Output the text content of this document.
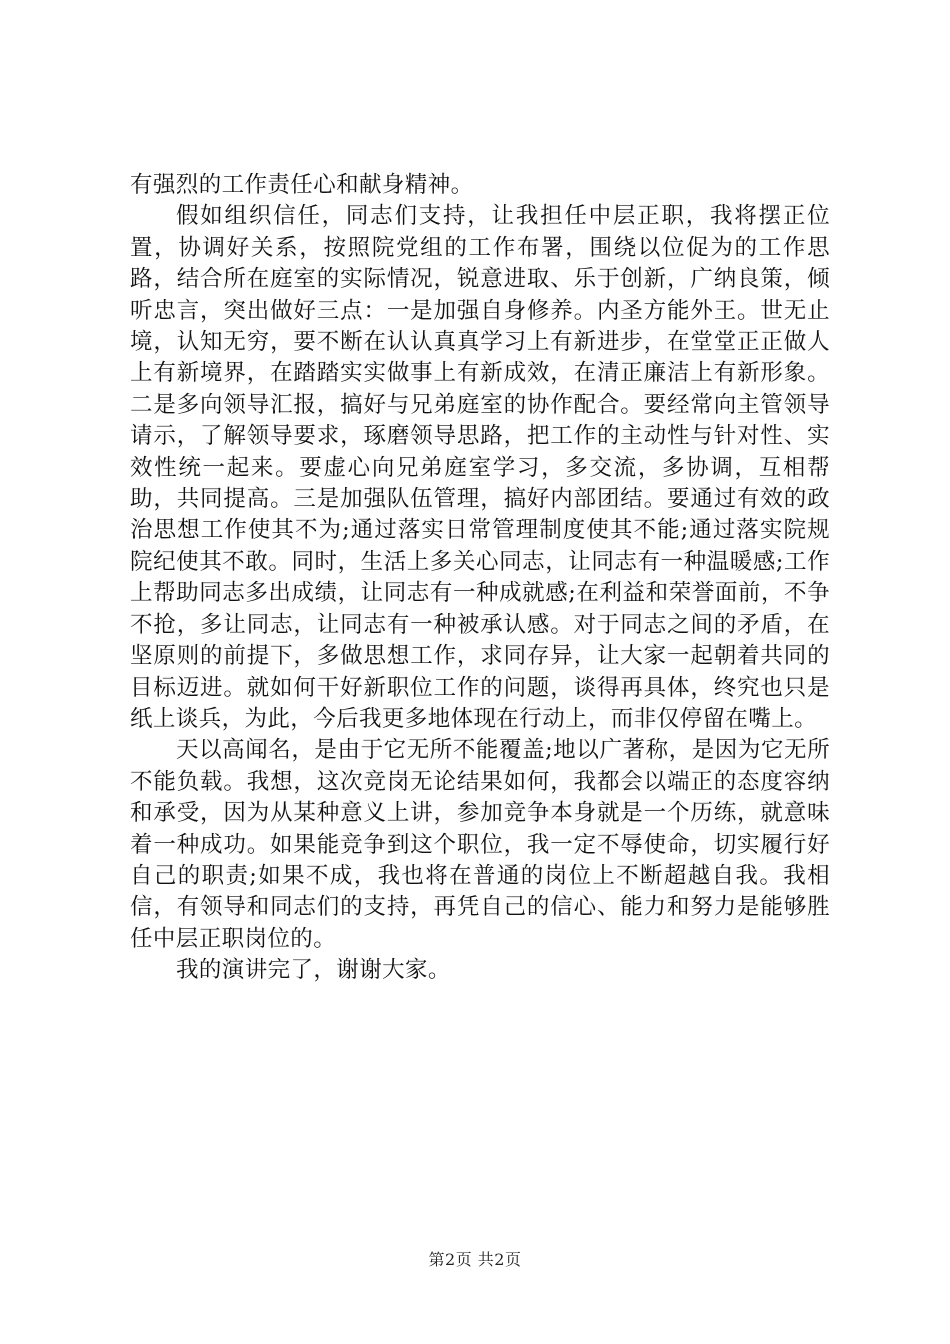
有强烈的工作责任心和献身精神。

假如组织信任，同志们支持，让我担任中层正职，我将摆正位置，协调好关系，按照院党组的工作布署，围绕以位促为的工作思路，结合所在庭室的实际情况，锐意进取、乐于创新，广纳良策，倾听忠言，突出做好三点：一是加强自身修养。内圣方能外王。世无止境，认知无穷，要不断在认认真真学习上有新进步，在堂堂正正做人上有新境界，在踏踏实实做事上有新成效，在清正廉洁上有新形象。二是多向领导汇报，搞好与兄弟庭室的协作配合。要经常向主管领导请示，了解领导要求，琢磨领导思路，把工作的主动性与针对性、实效性统一起来。要虚心向兄弟庭室学习，多交流，多协调，互相帮助，共同提高。三是加强队伍管理，搞好内部团结。要通过有效的政治思想工作使其不为;通过落实日常管理制度使其不能;通过落实院规院纪使其不敢。同时，生活上多关心同志，让同志有一种温暖感;工作上帮助同志多出成绩，让同志有一种成就感;在利益和荣誉面前，不争不抢，多让同志，让同志有一种被承认感。对于同志之间的矛盾，在坚原则的前提下，多做思想工作，求同存异，让大家一起朝着共同的目标迈进。就如何干好新职位工作的问题，谈得再具体，终究也只是纸上谈兵，为此，今后我更多地体现在行动上，而非仅停留在嘴上。

天以高闻名，是由于它无所不能覆盖;地以广著称，是因为它无所不能负载。我想，这次竞岗无论结果如何，我都会以端正的态度容纳和承受，因为从某种意义上讲，参加竞争本身就是一个历练，就意味着一种成功。如果能竞争到这个职位，我一定不辱使命，切实履行好自己的职责;如果不成，我也将在普通的岗位上不断超越自我。我相信，有领导和同志们的支持，再凭自己的信心、能力和努力是能够胜任中层正职岗位的。

我的演讲完了，谢谢大家。

第2页 共2页
